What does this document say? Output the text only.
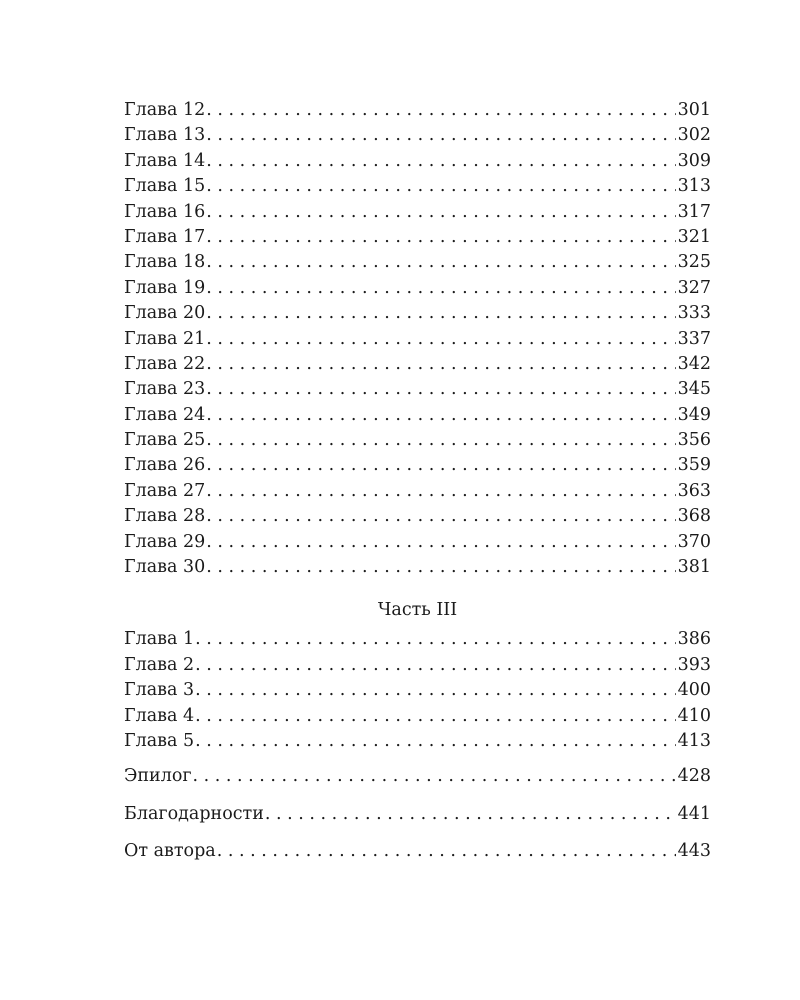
Глава 12 . . .	301
Глава 13 . . .	302
Глава 14 . . .	309
Глава 15 . . .	313
Глава 16 . . .	317
Глава 17 . . .	321
Глава 18 . . .	325
Глава 19 . . .	327
Глава 20 . . .	333
Глава 21 . . .	337
Глава 22 . . .	342
Глава 23 . . .	345
Глава 24 . . .	349
Глава 25 . . .	356
Глава 26 . . .	359
Глава 27 . . .	363
Глава 28 . . .	368
Глава 29 . . .	370
Глава 30 . . .	381
Часть III
Глава 1 . . .	386
Глава 2 . . .	393
Глава 3 . . .	400
Глава 4 . . .	410
Глава 5 . . .	413
Эпилог . . .	428
Благодарности . . .	441
От автора . . .	443
